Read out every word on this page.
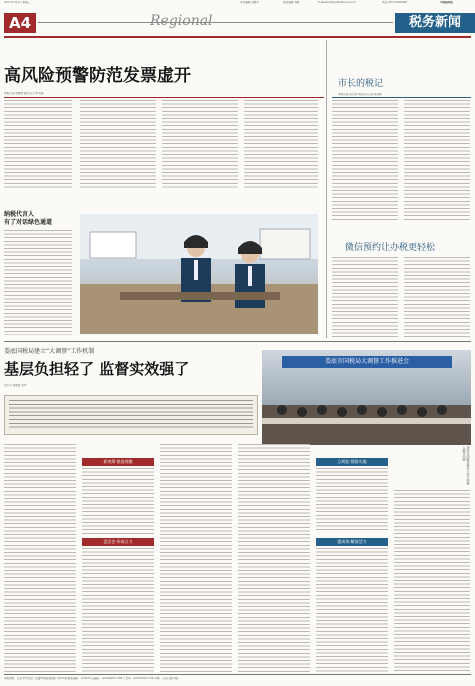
2017年7月5日 星期三	本刊编辑 吴晓华	视觉编辑 刘林	E-mail:tsrb@chinatax.gov.cn	电话 010-61930069	中国税务报
A4	Regional	税务新闻
高风险预警防范发票虚开
本报记者 徐维维 通讯员 王琴 周康
纳税代言人
有了对话绿色通道
市长的税记
本报记者 何宇潇 本报见习记者 郭佳彬
微信预约让办税更轻松
娄底国税局建立“大调督”工作机制
基层负担轻了 监督实效强了
李小平 刘丽君 田华
娄底市国税局大调督工作推进会
娄底市国税局税务干部为纳税人解答问题
抓统筹·推进规模
盘活会·形成合力
立规矩·强推实施
提成效·解放活力
本报地址：北京市丰台区广安路9号国投财富广场3号楼 邮政编码：100073 总编室：(010)63911700 广告部：(010)63911754 印刷：人民日报印刷厂
